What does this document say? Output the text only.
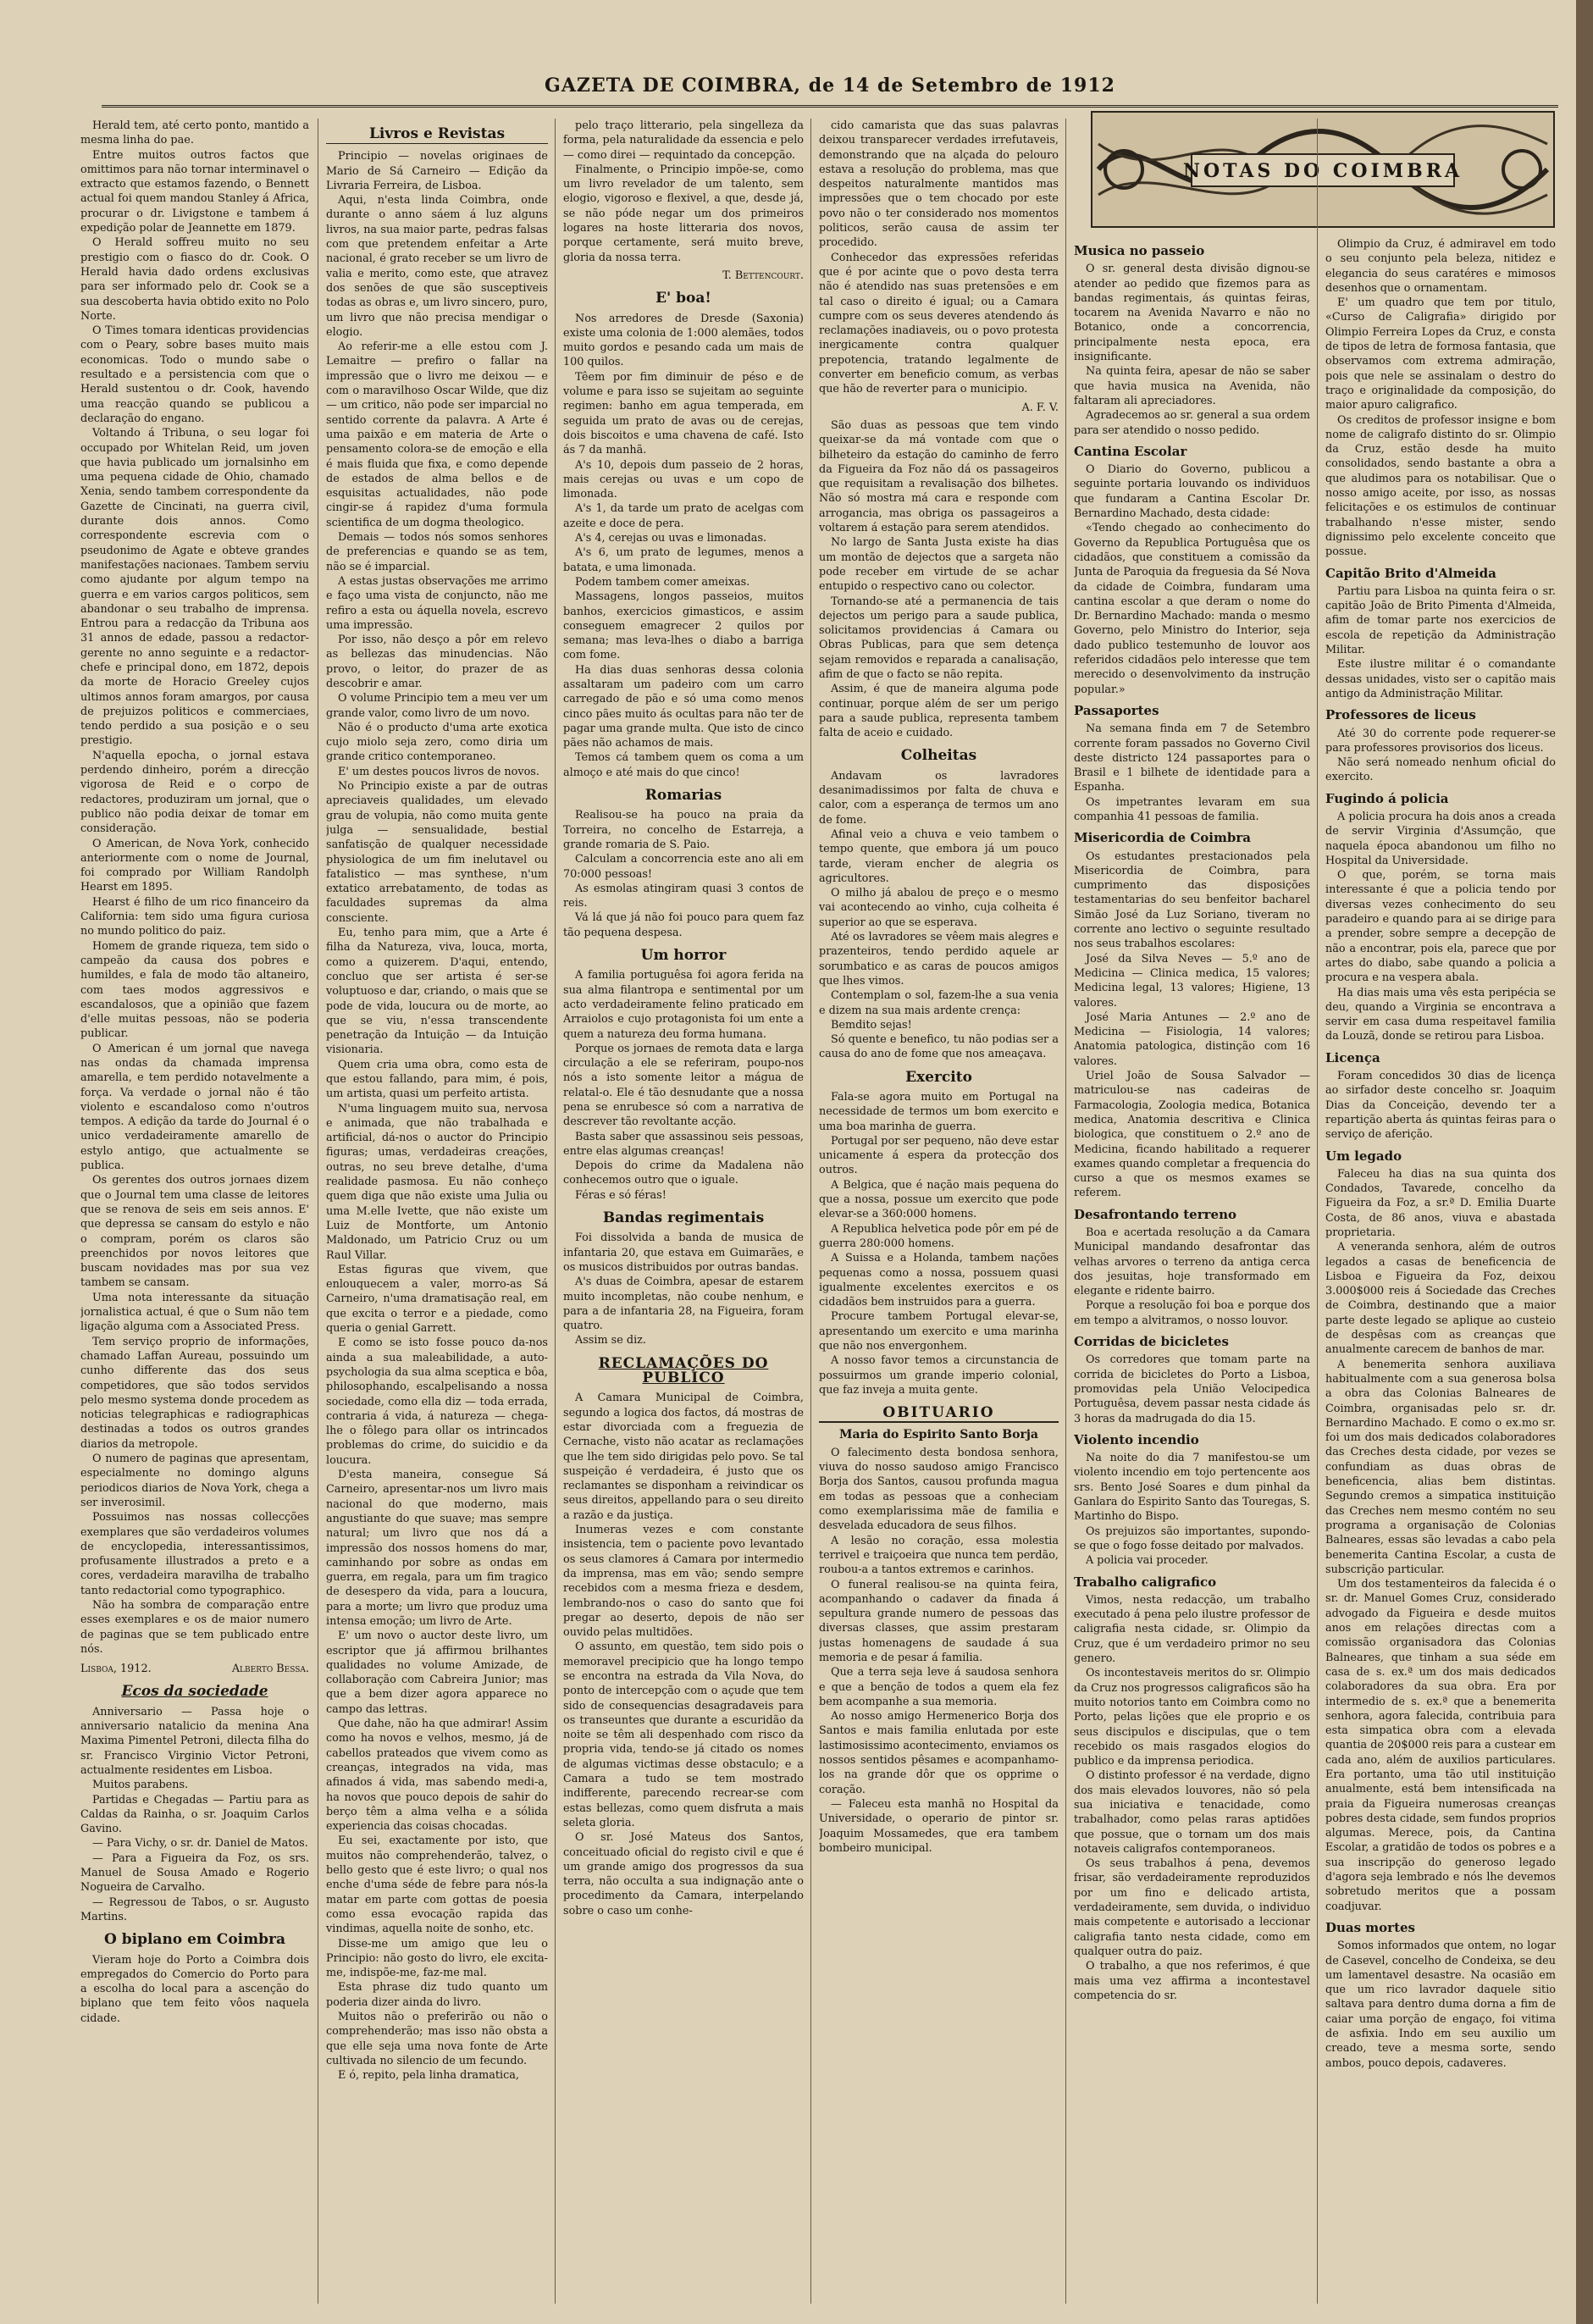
GAZETA DE COIMBRA, de 14 de Setembro de 1912
NOTAS DO COIMBRA

Herald tem, até certo ponto, mantido a mesma linha do pae.

Entre muitos outros factos que omittimos para não tornar interminavel o extracto que estamos fazendo, o Bennett actual foi quem mandou Stanley á Africa, procurar o dr. Livigstone e tambem á expedição polar de Jeannette em 1879.

O Herald soffreu muito no seu prestigio com o fiasco do dr. Cook. O Herald havia dado ordens exclusivas para ser informado pelo dr. Cook se a sua descoberta havia obtido exito no Polo Norte.

O Times tomara identicas providencias com o Peary, sobre bases muito mais economicas. Todo o mundo sabe o resultado e a persistencia com que o Herald sustentou o dr. Cook, havendo uma reacção quando se publicou a declaração do engano.

Voltando á Tribuna, o seu logar foi occupado por Whitelan Reid, um joven que havia publicado um jornalsinho em uma pequena cidade de Ohio, chamado Xenia, sendo tambem correspondente da Gazette de Cincinati, na guerra civil, durante dois annos. Como correspondente escrevia com o pseudonimo de Agate e obteve grandes manifestações nacionaes. Tambem serviu como ajudante por algum tempo na guerra e em varios cargos politicos, sem abandonar o seu trabalho de imprensa. Entrou para a redacção da Tribuna aos 31 annos de edade, passou a redactor-gerente no anno seguinte e a redactor-chefe e principal dono, em 1872, depois da morte de Horacio Greeley cujos ultimos annos foram amargos, por causa de prejuizos politicos e commerciaes, tendo perdido a sua posição e o seu prestigio.

N'aquella epocha, o jornal estava perdendo dinheiro, porém a direcção vigorosa de Reid e o corpo de redactores, produziram um jornal, que o publico não podia deixar de tomar em consideração.

O American, de Nova York, conhecido anteriormente com o nome de Journal, foi comprado por William Randolph Hearst em 1895.

Hearst é filho de um rico financeiro da California: tem sido uma figura curiosa no mundo politico do paiz.

Homem de grande riqueza, tem sido o campeão da causa dos pobres e humildes, e fala de modo tão altaneiro, com taes modos aggressivos e escandalosos, que a opinião que fazem d'elle muitas pessoas, não se poderia publicar.

O American é um jornal que navega nas ondas da chamada imprensa amarella, e tem perdido notavelmente a força. Va verdade o jornal não é tão violento e escandaloso como n'outros tempos. A edição da tarde do Journal é o unico verdadeiramente amarello de estylo antigo, que actualmente se publica.

Os gerentes dos outros jornaes dizem que o Journal tem uma classe de leitores que se renova de seis em seis annos. E' que depressa se cansam do estylo e não o compram, porém os claros são preenchidos por novos leitores que buscam novidades mas por sua vez tambem se cansam.

Uma nota interessante da situação jornalistica actual, é que o Sum não tem ligação alguma com a Associated Press.

Tem serviço proprio de informações, chamado Laffan Aureau, possuindo um cunho differente das dos seus competidores, que são todos servidos pelo mesmo systema donde procedem as noticias telegraphicas e radiographicas destinadas a todos os outros grandes diarios da metropole.

O numero de paginas que apresentam, especialmente no domingo alguns periodicos diarios de Nova York, chega a ser inverosimil.

Possuimos nas nossas collecções exemplares que são verdadeiros volumes de encyclopedia, interessantissimos, profusamente illustrados a preto e a cores, verdadeira maravilha de trabalho tanto redactorial como typographico.

Não ha sombra de comparação entre esses exemplares e os de maior numero de paginas que se tem publicado entre nós.

Lisboa, 1912.	Alberto Bessa.
Ecos da sociedade

Anniversario — Passa hoje o anniversario natalicio da menina Ana Maxima Pimentel Petroni, dilecta filha do sr. Francisco Virginio Victor Petroni, actualmente residentes em Lisboa.

Muitos parabens.

Partidas e Chegadas — Partiu para as Caldas da Rainha, o sr. Joaquim Carlos Gavino.

— Para Vichy, o sr. dr. Daniel de Matos.

— Para a Figueira da Foz, os srs. Manuel de Sousa Amado e Rogerio Nogueira de Carvalho.

— Regressou de Tabos, o sr. Augusto Martins.

O biplano em Coimbra

Vieram hoje do Porto a Coimbra dois empregados do Comercio do Porto para a escolha do local para a ascenção do biplano que tem feito vôos naquela cidade.

Livros e Revistas

Principio — novelas originaes de Mario de Sá Carneiro — Edição da Livraria Ferreira, de Lisboa.

Aqui, n'esta linda Coimbra, onde durante o anno sáem á luz alguns livros, na sua maior parte, pedras falsas com que pretendem enfeitar a Arte nacional, é grato receber se um livro de valia e merito, como este, que atravez dos senões de que são susceptiveis todas as obras e, um livro sincero, puro, um livro que não precisa mendigar o elogio.

Ao referir-me a elle estou com J. Lemaitre — prefiro o fallar na impressão que o livro me deixou — e com o maravilhoso Oscar Wilde, que diz — um critico, não pode ser imparcial no sentido corrente da palavra. A Arte é uma paixão e em materia de Arte o pensamento colora-se de emoção e ella é mais fluida que fixa, e como depende de estados de alma bellos e de esquisitas actualidades, não pode cingir-se á rapidez d'uma formula scientifica de um dogma theologico.

Demais — todos nós somos senhores de preferencias e quando se as tem, não se é imparcial.

A estas justas observações me arrimo e faço uma vista de conjuncto, não me refiro a esta ou áquella novela, escrevo uma impressão.

Por isso, não desço a pôr em relevo as bellezas das minudencias. Não provo, o leitor, do prazer de as descobrir e amar.

O volume Principio tem a meu ver um grande valor, como livro de um novo.

Não é o producto d'uma arte exotica cujo miolo seja zero, como diria um grande critico contemporaneo.

E' um destes poucos livros de novos.

No Principio existe a par de outras apreciaveis qualidades, um elevado grau de volupia, não como muita gente julga — sensualidade, bestial sanfatisção de qualquer necessidade physiologica de um fim inelutavel ou fatalistico — mas synthese, n'um extatico arrebatamento, de todas as faculdades supremas da alma consciente.

Eu, tenho para mim, que a Arte é filha da Natureza, viva, louca, morta, como a quizerem. D'aqui, entendo, concluo que ser artista é ser-se voluptuoso e dar, criando, o mais que se pode de vida, loucura ou de morte, ao que se viu, n'essa transcendente penetração da Intuição — da Intuição visionaria.

Quem cria uma obra, como esta de que estou fallando, para mim, é pois, um artista, quasi um perfeito artista.

N'uma linguagem muito sua, nervosa e animada, que não trabalhada e artificial, dá-nos o auctor do Principio figuras; umas, verdadeiras creações, outras, no seu breve detalhe, d'uma realidade pasmosa. Eu não conheço quem diga que não existe uma Julia ou uma M.elle Ivette, que não existe um Luiz de Montforte, um Antonio Maldonado, um Patricio Cruz ou um Raul Villar.

Estas figuras que vivem, que enlouquecem a valer, morro-as Sá Carneiro, n'uma dramatisação real, em que excita o terror e a piedade, como queria o genial Garrett.

E como se isto fosse pouco da-nos ainda a sua maleabilidade, a auto-psychologia da sua alma sceptica e bôa, philosophando, escalpelisando a nossa sociedade, como ella diz — toda errada, contraria á vida, á natureza — chega-lhe o fôlego para ollar os intrincados problemas do crime, do suicidio e da loucura.

D'esta maneira, consegue Sá Carneiro, apresentar-nos um livro mais nacional do que moderno, mais angustiante do que suave; mas sempre natural; um livro que nos dá a impressão dos nossos homens do mar, caminhando por sobre as ondas em guerra, em regala, para um fim tragico de desespero da vida, para a loucura, para a morte; um livro que produz uma intensa emoção; um livro de Arte.

E' um novo o auctor deste livro, um escriptor que já affirmou brilhantes qualidades no volume Amizade, de collaboração com Cabreira Junior; mas que a bem dizer agora apparece no campo das lettras.

Que dahe, não ha que admirar! Assim como ha novos e velhos, mesmo, já de cabellos prateados que vivem como as creanças, integrados na vida, mas afinados á vida, mas sabendo medi-a, ha novos que pouco depois de sahir do berço têm a alma velha e a sólida experiencia das coisas chocadas.

Eu sei, exactamente por isto, que muitos não comprehenderão, talvez, o bello gesto que é este livro; o qual nos enche d'uma séde de febre para nós-la matar em parte com gottas de poesia como essa evocação rapida das vindimas, aquella noite de sonho, etc.

Disse-me um amigo que leu o Principio: não gosto do livro, ele excita-me, indispõe-me, faz-me mal.

Esta phrase diz tudo quanto um poderia dizer ainda do livro.

Muitos não o preferirão ou não o comprehenderão; mas isso não obsta a que elle seja uma nova fonte de Arte cultivada no silencio de um fecundo.

E ó, repito, pela linha dramatica,

pelo traço litterario, pela singelleza da forma, pela naturalidade da essencia e pelo — como direi — requintado da concepção.

Finalmente, o Principio impõe-se, como um livro revelador de um talento, sem elogio, vigoroso e flexivel, a que, desde já, se não póde negar um dos primeiros logares na hoste litteraria dos novos, porque certamente, será muito breve, gloria da nossa terra.

T. Bettencourt.
E' boa!

Nos arredores de Dresde (Saxonia) existe uma colonia de 1:000 alemães, todos muito gordos e pesando cada um mais de 100 quilos.

Têem por fim diminuir de péso e de volume e para isso se sujeitam ao seguinte regimen: banho em agua temperada, em seguida um prato de avas ou de cerejas, dois biscoitos e uma chavena de café. Isto ás 7 da manhã.

A's 10, depois dum passeio de 2 horas, mais cerejas ou uvas e um copo de limonada.

A's 1, da tarde um prato de acelgas com azeite e doce de pera.

A's 4, cerejas ou uvas e limonadas.

A's 6, um prato de legumes, menos a batata, e uma limonada.

Podem tambem comer ameixas.

Massagens, longos passeios, muitos banhos, exercicios gimasticos, e assim conseguem emagrecer 2 quilos por semana; mas leva-lhes o diabo a barriga com fome.

Ha dias duas senhoras dessa colonia assaltaram um padeiro com um carro carregado de pão e só uma como menos cinco pães muito ás ocultas para não ter de pagar uma grande multa. Que isto de cinco pães não achamos de mais.

Temos cá tambem quem os coma a um almoço e até mais do que cinco!

Romarias

Realisou-se ha pouco na praia da Torreira, no concelho de Estarreja, a grande romaria de S. Paio.

Calculam a concorrencia este ano ali em 70:000 pessoas!

As esmolas atingiram quasi 3 contos de reis.

Vá lá que já não foi pouco para quem faz tão pequena despesa.

Um horror

A familia portuguêsa foi agora ferida na sua alma filantropa e sentimental por um acto verdadeiramente felino praticado em Arraiolos e cujo protagonista foi um ente a quem a natureza deu forma humana.

Porque os jornaes de remota data e larga circulação a ele se referiram, poupo-nos nós a isto somente leitor a mágua de relatal-o. Ele é tão desnudante que a nossa pena se enrubesce só com a narrativa de descrever tão revoltante acção.

Basta saber que assassinou seis pessoas, entre elas algumas creanças!

Depois do crime da Madalena não conhecemos outro que o iguale.

Féras e só féras!

Bandas regimentais

Foi dissolvida a banda de musica de infantaria 20, que estava em Guimarães, e os musicos distribuidos por outras bandas.

A's duas de Coimbra, apesar de estarem muito incompletas, não coube nenhum, e para a de infantaria 28, na Figueira, foram quatro.

Assim se diz.

RECLAMAÇÕES DO PUBLICO

A Camara Municipal de Coimbra, segundo a logica dos factos, dá mostras de estar divorciada com a freguezia de Cernache, visto não acatar as reclamações que lhe tem sido dirigidas pelo povo. Se tal suspeição é verdadeira, é justo que os reclamantes se disponham a reivindicar os seus direitos, appellando para o seu direito a razão e da justiça.

Inumeras vezes e com constante insistencia, tem o paciente povo levantado os seus clamores á Camara por intermedio da imprensa, mas em vão; sendo sempre recebidos com a mesma frieza e desdem, lembrando-nos o caso do santo que foi pregar ao deserto, depois de não ser ouvido pelas multidões.

O assunto, em questão, tem sido pois o memoravel precipicio que ha longo tempo se encontra na estrada da Vila Nova, do ponto de intercepção com o açude que tem sido de consequencias desagradaveis para os transeuntes que durante a escuridão da noite se têm ali despenhado com risco da propria vida, tendo-se já citado os nomes de algumas victimas desse obstaculo; e a Camara a tudo se tem mostrado indifferente, parecendo recrear-se com estas bellezas, como quem disfruta a mais seleta gloria.

O sr. José Mateus dos Santos, conceituado oficial do registo civil e que é um grande amigo dos progressos da sua terra, não occulta a sua indignação ante o procedimento da Camara, interpelando sobre o caso um conhe-

cido camarista que das suas palavras deixou transparecer verdades irrefutaveis, demonstrando que na alçada do pelouro estava a resolução do problema, mas que despeitos naturalmente mantidos mas impressões que o tem chocado por este povo não o ter considerado nos momentos politicos, serão causa de assim ter procedido.

Conhecedor das expressões referidas que é por acinte que o povo desta terra não é atendido nas suas pretensões e em tal caso o direito é igual; ou a Camara cumpre com os seus deveres atendendo ás reclamações inadiaveis, ou o povo protesta inergicamente contra qualquer prepotencia, tratando legalmente de converter em beneficio comum, as verbas que hão de reverter para o municipio.

A. F. V.

São duas as pessoas que tem vindo queixar-se da má vontade com que o bilheteiro da estação do caminho de ferro da Figueira da Foz não dá os passageiros que requisitam a revalisação dos bilhetes. Não só mostra má cara e responde com arrogancia, mas obriga os passageiros a voltarem á estação para serem atendidos.

No largo de Santa Justa existe ha dias um montão de dejectos que a sargeta não pode receber em virtude de se achar entupido o respectivo cano ou colector.

Tornando-se até a permanencia de tais dejectos um perigo para a saude publica, solicitamos providencias á Camara ou Obras Publicas, para que sem detença sejam removidos e reparada a canalisação, afim de que o facto se não repita.

Assim, é que de maneira alguma pode continuar, porque além de ser um perigo para a saude publica, representa tambem falta de aceio e cuidado.

Colheitas

Andavam os lavradores desanimadissimos por falta de chuva e calor, com a esperança de termos um ano de fome.

Afinal veio a chuva e veio tambem o tempo quente, que embora já um pouco tarde, vieram encher de alegria os agricultores.

O milho já abalou de preço e o mesmo vai acontecendo ao vinho, cuja colheita é superior ao que se esperava.

Até os lavradores se vêem mais alegres e prazenteiros, tendo perdido aquele ar sorumbatico e as caras de poucos amigos que lhes vimos.

Contemplam o sol, fazem-lhe a sua venia e dizem na sua mais ardente crença:

Bemdito sejas!

Só quente e benefico, tu não podias ser a causa do ano de fome que nos ameaçava.

Exercito

Fala-se agora muito em Portugal na necessidade de termos um bom exercito e uma boa marinha de guerra.

Portugal por ser pequeno, não deve estar unicamente á espera da protecção dos outros.

A Belgica, que é nação mais pequena do que a nossa, possue um exercito que pode elevar-se a 360:000 homens.

A Republica helvetica pode pôr em pé de guerra 280:000 homens.

A Suissa e a Holanda, tambem nações pequenas como a nossa, possuem quasi igualmente excelentes exercitos e os cidadãos bem instruidos para a guerra.

Procure tambem Portugal elevar-se, apresentando um exercito e uma marinha que não nos envergonhem.

A nosso favor temos a circunstancia de possuirmos um grande imperio colonial, que faz inveja a muita gente.

OBITUARIO
Maria do Espirito Santo Borja

O falecimento desta bondosa senhora, viuva do nosso saudoso amigo Francisco Borja dos Santos, causou profunda magua em todas as pessoas que a conheciam como exemplarissima mãe de familia e desvelada educadora de seus filhos.

A lesão no coração, essa molestia terrivel e traiçoeira que nunca tem perdão, roubou-a a tantos extremos e carinhos.

O funeral realisou-se na quinta feira, acompanhando o cadaver da finada á sepultura grande numero de pessoas das diversas classes, que assim prestaram justas homenagens de saudade á sua memoria e de pesar á familia.

Que a terra seja leve á saudosa senhora e que a benção de todos a quem ela fez bem acompanhe a sua memoria.

Ao nosso amigo Hermenerico Borja dos Santos e mais familia enlutada por este lastimosissimo acontecimento, enviamos os nossos sentidos pêsames e acompanhamo-los na grande dôr que os opprime o coração.

— Faleceu esta manhã no Hospital da Universidade, o operario de pintor sr. Joaquim Mossamedes, que era tambem bombeiro municipal.

Musica no passeio

O sr. general desta divisão dignou-se atender ao pedido que fizemos para as bandas regimentais, ás quintas feiras, tocarem na Avenida Navarro e não no Botanico, onde a concorrencia, principalmente nesta epoca, era insignificante.

Na quinta feira, apesar de não se saber que havia musica na Avenida, não faltaram ali apreciadores.

Agradecemos ao sr. general a sua ordem para ser atendido o nosso pedido.

Cantina Escolar

O Diario do Governo, publicou a seguinte portaria louvando os individuos que fundaram a Cantina Escolar Dr. Bernardino Machado, desta cidade:

«Tendo chegado ao conhecimento do Governo da Republica Portuguêsa que os cidadãos, que constituem a comissão da Junta de Paroquia da freguesia da Sé Nova da cidade de Coimbra, fundaram uma cantina escolar a que deram o nome do Dr. Bernardino Machado: manda o mesmo Governo, pelo Ministro do Interior, seja dado publico testemunho de louvor aos referidos cidadãos pelo interesse que tem merecido o desenvolvimento da instrução popular.»

Passaportes

Na semana finda em 7 de Setembro corrente foram passados no Governo Civil deste districto 124 passaportes para o Brasil e 1 bilhete de identidade para a Espanha.

Os impetrantes levaram em sua companhia 41 pessoas de familia.

Misericordia de Coimbra

Os estudantes prestacionados pela Misericordia de Coimbra, para cumprimento das disposições testamentarias do seu benfeitor bacharel Simão José da Luz Soriano, tiveram no corrente ano lectivo o seguinte resultado nos seus trabalhos escolares:

José da Silva Neves — 5.º ano de Medicina — Clinica medica, 15 valores; Medicina legal, 13 valores; Higiene, 13 valores.

José Maria Antunes — 2.º ano de Medicina — Fisiologia, 14 valores; Anatomia patologica, distinção com 16 valores.

Uriel João de Sousa Salvador — matriculou-se nas cadeiras de Farmacologia, Zoologia medica, Botanica medica, Anatomia descritiva e Clinica biologica, que constituem o 2.º ano de Medicina, ficando habilitado a requerer exames quando completar a frequencia do curso a que os mesmos exames se referem.

Desafrontando terreno

Boa e acertada resolução a da Camara Municipal mandando desafrontar das velhas arvores o terreno da antiga cerca dos jesuitas, hoje transformado em elegante e ridente bairro.

Porque a resolução foi boa e porque dos em tempo a alvitramos, o nosso louvor.

Corridas de bicicletes

Os corredores que tomam parte na corrida de bicicletes do Porto a Lisboa, promovidas pela União Velocipedica Portuguêsa, devem passar nesta cidade ás 3 horas da madrugada do dia 15.

Violento incendio

Na noite do dia 7 manifestou-se um violento incendio em tojo pertencente aos srs. Bento José Soares e dum pinhal da Ganlara do Espirito Santo das Touregas, S. Martinho do Bispo.

Os prejuizos são importantes, supondo-se que o fogo fosse deitado por malvados.

A policia vai proceder.

Trabalho caligrafico

Vimos, nesta redacção, um trabalho executado á pena pelo ilustre professor de caligrafia nesta cidade, sr. Olimpio da Cruz, que é um verdadeiro primor no seu genero.

Os incontestaveis meritos do sr. Olimpio da Cruz nos progressos caligraficos são ha muito notorios tanto em Coimbra como no Porto, pelas lições que ele proprio e os seus discipulos e discipulas, que o tem recebido os mais rasgados elogios do publico e da imprensa periodica.

O distinto professor é na verdade, digno dos mais elevados louvores, não só pela sua iniciativa e tenacidade, como trabalhador, como pelas raras aptidões que possue, que o tornam um dos mais notaveis caligrafos contemporaneos.

Os seus trabalhos á pena, devemos frisar, são verdadeiramente reproduzidos por um fino e delicado artista, verdadeiramente, sem duvida, o individuo mais competente e autorisado a leccionar caligrafia tanto nesta cidade, como em qualquer outra do paiz.

O trabalho, a que nos referimos, é que mais uma vez affirma a incontestavel competencia do sr.

Olimpio da Cruz, é admiravel em todo o seu conjunto pela beleza, nitidez e elegancia do seus caratéres e mimosos desenhos que o ornamentam.

E' um quadro que tem por titulo, «Curso de Caligrafia» dirigido por Olimpio Ferreira Lopes da Cruz, e consta de tipos de letra de formosa fantasia, que observamos com extrema admiração, pois que nele se assinalam o destro do traço e originalidade da composição, do maior apuro caligrafico.

Os creditos de professor insigne e bom nome de caligrafo distinto do sr. Olimpio da Cruz, estão desde ha muito consolidados, sendo bastante a obra a que aludimos para os notabilisar. Que o nosso amigo aceite, por isso, as nossas felicitações e os estimulos de continuar trabalhando n'esse mister, sendo dignissimo pelo excelente conceito que possue.

Capitão Brito d'Almeida

Partiu para Lisboa na quinta feira o sr. capitão João de Brito Pimenta d'Almeida, afim de tomar parte nos exercicios de escola de repetição da Administração Militar.

Este ilustre militar é o comandante dessas unidades, visto ser o capitão mais antigo da Administração Militar.

Professores de liceus

Até 30 do corrente pode requerer-se para professores provisorios dos liceus.

Não será nomeado nenhum oficial do exercito.

Fugindo á policia

A policia procura ha dois anos a creada de servir Virginia d'Assumção, que naquela época abandonou um filho no Hospital da Universidade.

O que, porém, se torna mais interessante é que a policia tendo por diversas vezes conhecimento do seu paradeiro e quando para ai se dirige para a prender, sobre sempre a decepção de não a encontrar, pois ela, parece que por artes do diabo, sabe quando a policia a procura e na vespera abala.

Ha dias mais uma vês esta peripécia se deu, quando a Virginia se encontrava a servir em casa duma respeitavel familia da Louzã, donde se retirou para Lisboa.

Licença

Foram concedidos 30 dias de licença ao sirfador deste concelho sr. Joaquim Dias da Conceição, devendo ter a repartição aberta ás quintas feiras para o serviço de aferição.

Um legado

Faleceu ha dias na sua quinta dos Condados, Tavarede, concelho da Figueira da Foz, a sr.ª D. Emilia Duarte Costa, de 86 anos, viuva e abastada proprietaria.

A veneranda senhora, além de outros legados a casas de beneficencia de Lisboa e Figueira da Foz, deixou 3.000$000 reis á Sociedade das Creches de Coimbra, destinando que a maior parte deste legado se aplique ao custeio de despêsas com as creanças que anualmente carecem de banhos de mar.

A benemerita senhora auxiliava habitualmente com a sua generosa bolsa a obra das Colonias Balneares de Coimbra, organisadas pelo sr. dr. Bernardino Machado. E como o ex.mo sr. foi um dos mais dedicados colaboradores das Creches desta cidade, por vezes se confundiam as duas obras de beneficencia, alias bem distintas. Segundo cremos a simpatica instituição das Creches nem mesmo contém no seu programa a organisação de Colonias Balneares, essas são levadas a cabo pela benemerita Cantina Escolar, a custa de subscrição particular.

Um dos testamenteiros da falecida é o sr. dr. Manuel Gomes Cruz, considerado advogado da Figueira e desde muitos anos em relações directas com a comissão organisadora das Colonias Balneares, que tinham a sua séde em casa de s. ex.ª um dos mais dedicados colaboradores da sua obra. Era por intermedio de s. ex.ª que a benemerita senhora, agora falecida, contribuia para esta simpatica obra com a elevada quantia de 20$000 reis para a custear em cada ano, além de auxilios particulares. Era portanto, uma tão util instituição anualmente, está bem intensificada na praia da Figueira numerosas creanças pobres desta cidade, sem fundos proprios algumas. Merece, pois, da Cantina Escolar, a gratidão de todos os pobres e a sua inscripção do generoso legado d'agora seja lembrado e nós lhe devemos sobretudo meritos que a possam coadjuvar.

Duas mortes

Somos informados que ontem, no logar de Casevel, concelho de Condeixa, se deu um lamentavel desastre. Na ocasião em que um rico lavrador daquele sitio saltava para dentro duma dorna a fim de caiar uma porção de engaço, foi vitima de asfixia. Indo em seu auxilio um creado, teve a mesma sorte, sendo ambos, pouco depois, cadaveres.
